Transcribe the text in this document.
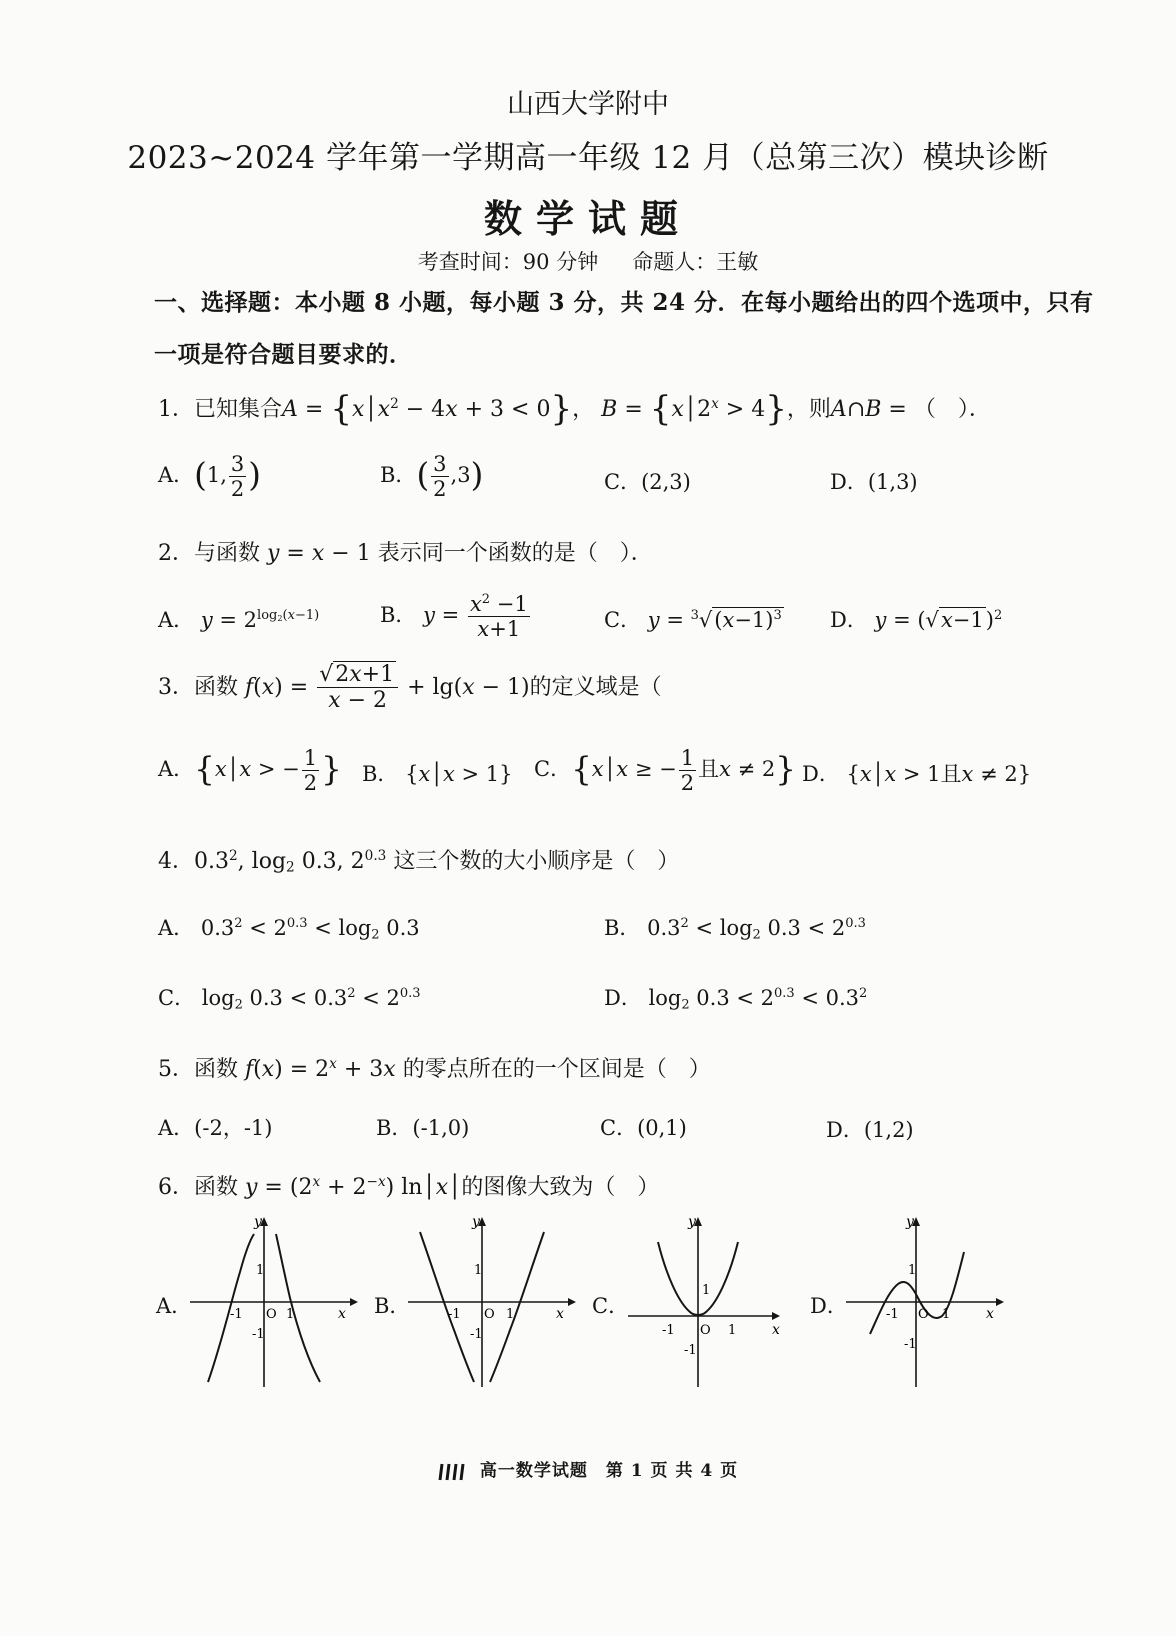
山西大学附中
2023~2024 学年第一学期高一年级 12 月（总第三次）模块诊断
数学试题
考查时间：90 分钟 命题人：王敏
一、选择题：本小题 8 小题，每小题 3 分，共 24 分．在每小题给出的四个选项中，只有
一项是符合题目要求的．
1．已知集合$A = \{x│x^2 - 4x + 3 < 0\}$， $B = \{x│2^x > 4\}$，则A∩B = （　）．
A．(1, $\frac{3}{2}$ )	B．( $\frac{3}{2} ,3$)	C．(2,3)	D．(1,3)
2．与函数 y = x − 1 表示同一个函数的是（　）．
A． $y = 2^{log_2(x-1)}$	B． $y = \frac{x^2 -1}{x+1}$	C． $y = ^3√(x-1)^3$ D． $y = (√x-1)^2$
3．函数 $f(x) = \frac{√2x+1}{x - 2} + \lg(x - 1)$的定义域是（
A．{x│x > − $\frac{1}{2}$ } B． {x│x > 1} C．{x│x ≥ − $\frac{1}{2}$ 且x ≠ 2} D． {x│x > 1且x ≠ 2}
4．$0.3^2$, $\log_2 0.3$, $2^{0.3}$ 这三个数的大小顺序是（　）
A． $0.3^2 < 2^{0.3} < \log_2 0.3$	B． $0.3^2 < \log_2 0.3 < 2^{0.3}$
C． $\log_2 0.3 < 0.3^2 < 2^{0.3}$	D． $\log_2 0.3 < 2^{0.3} < 0.3^2$
5．函数 $f(x) = 2^x + 3x$ 的零点所在的一个区间是（　）
A．(-2，-1)	B．(-1,0)	C．(0,1)	D．(1,2)
6．函数 $y = (2^x + 2^{-x})$ ln│x│的图像大致为（　）
A．	B．	C．	D．
y
x
1
-1
-1 O 1
y
x
1
-1
-1 O 1
y
x
1
-1
-1 O 1
y
x
1
-1
-1 O 1
高一数学试题　第 1 页 共 4 页
